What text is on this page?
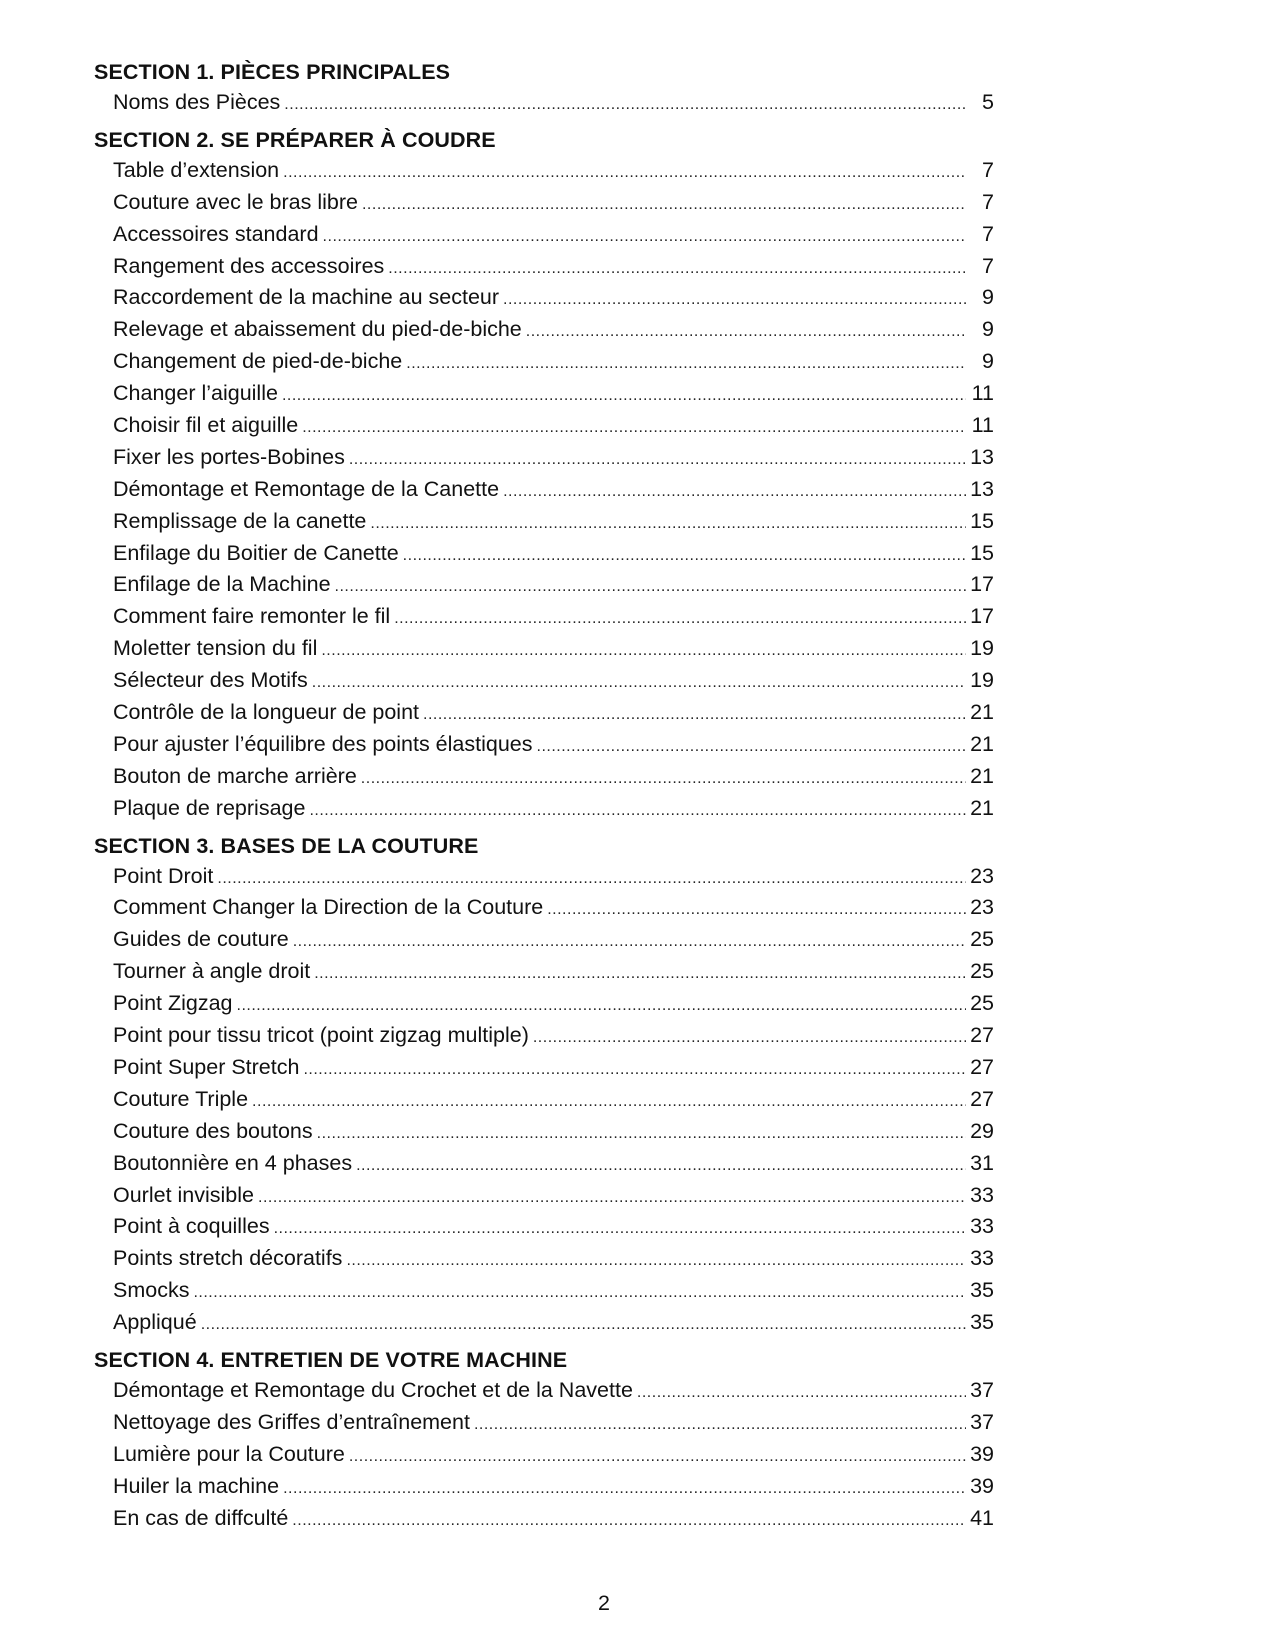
SECTION 1. PIÈCES PRINCIPALES
Noms des Pièces .....	5
SECTION 2. SE PRÉPARER À COUDRE
Table d’extension .....	7
Couture avec le bras libre .....	7
Accessoires standard .....	7
Rangement des accessoires .....	7
Raccordement de la machine au secteur .....	9
Relevage et abaissement du pied-de-biche .....	9
Changement de pied-de-biche .....	9
Changer l’aiguille .....	11
Choisir fil et aiguille .....	11
Fixer les portes-Bobines .....	13
Démontage et Remontage de la Canette .....	13
Remplissage de la canette .....	15
Enfilage du Boitier de Canette .....	15
Enfilage de la Machine .....	17
Comment faire remonter le fil .....	17
Moletter tension du fil .....	19
Sélecteur des Motifs .....	19
Contrôle de la longueur de point .....	21
Pour ajuster l’équilibre des points élastiques .....	21
Bouton de marche arrière .....	21
Plaque de reprisage .....	21
SECTION 3. BASES DE LA COUTURE
Point Droit .....	23
Comment Changer la Direction de la Couture .....	23
Guides de couture .....	25
Tourner à angle droit .....	25
Point Zigzag .....	25
Point pour tissu tricot (point zigzag multiple) .....	27
Point Super Stretch .....	27
Couture Triple .....	27
Couture des boutons .....	29
Boutonnière en 4 phases .....	31
Ourlet invisible .....	33
Point à coquilles .....	33
Points stretch décoratifs .....	33
Smocks .....	35
Appliqué .....	35
SECTION 4. ENTRETIEN DE VOTRE MACHINE
Démontage et Remontage du Crochet et de la Navette .....	37
Nettoyage des Griffes d’entraînement .....	37
Lumière pour la Couture .....	39
Huiler la machine .....	39
En cas de diffculté .....	41
2
